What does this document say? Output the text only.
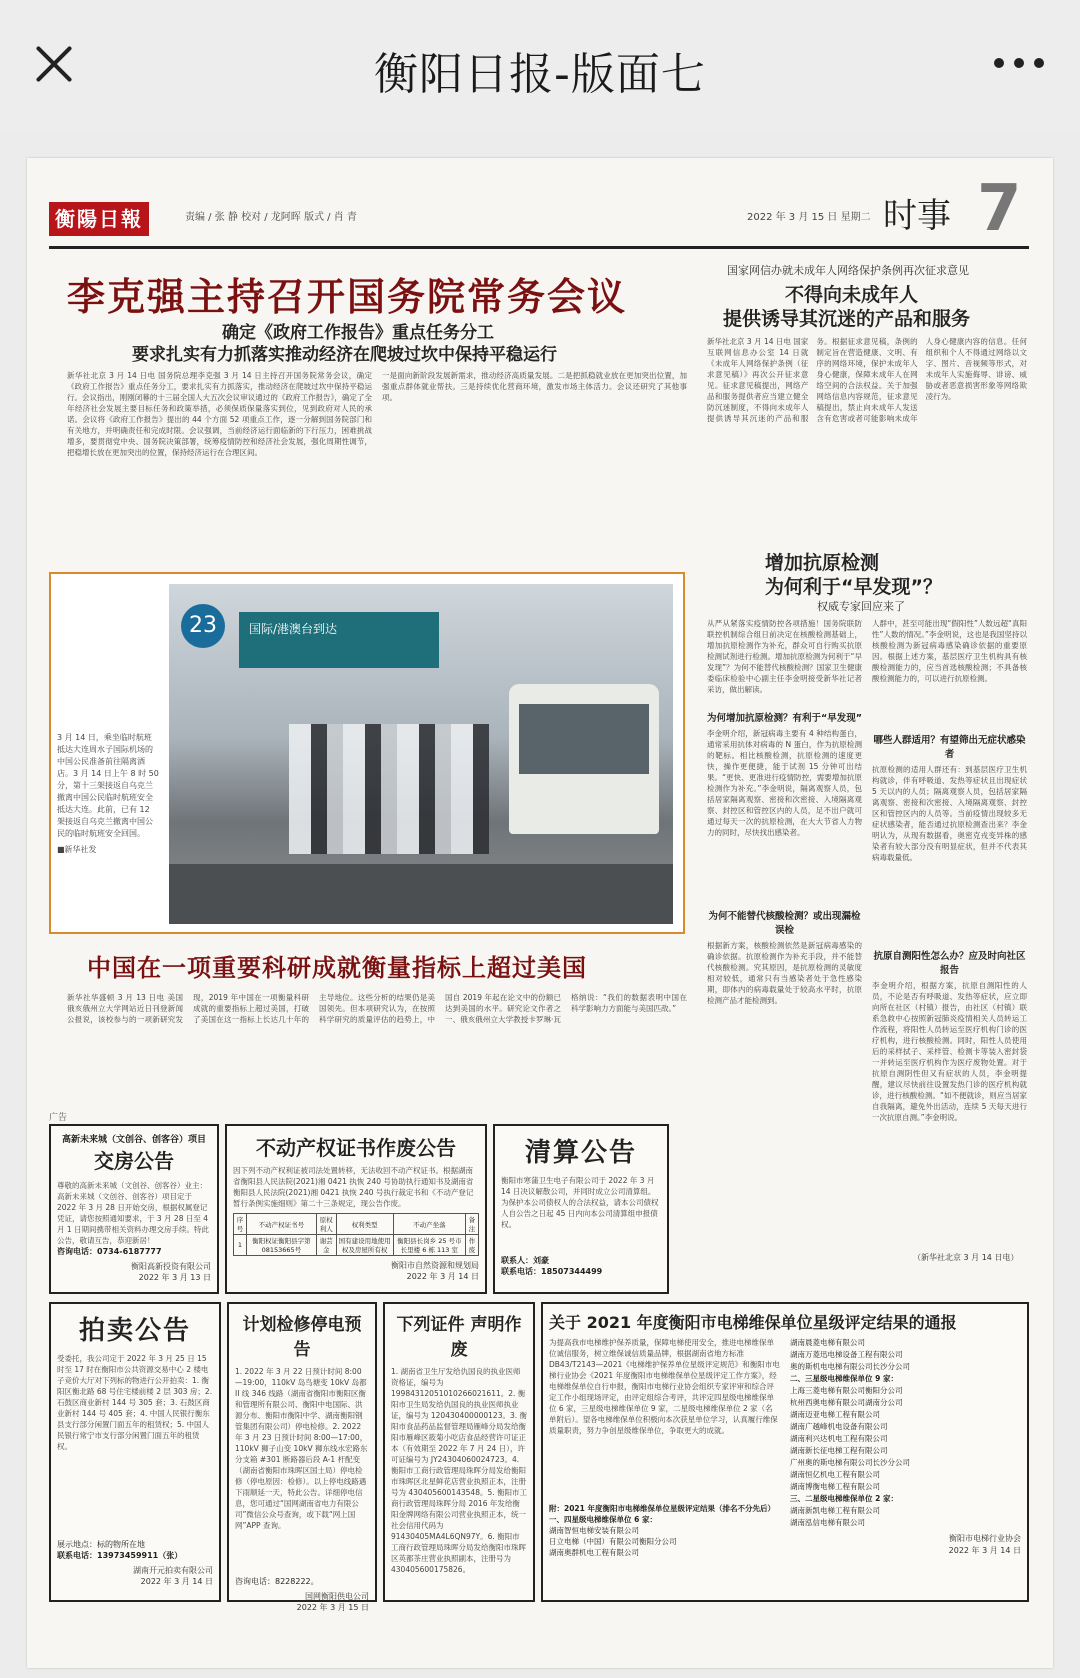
衡阳日报-版面七
衡陽日報	责编 / 张 静 校对 / 龙阿晖 版式 / 肖 青	2022 年 3 月 15 日 星期二 时事 7
李克强主持召开国务院常务会议
确定《政府工作报告》重点任务分工
要求扎实有力抓落实推动经济在爬坡过坎中保持平稳运行
新华社北京 3 月 14 日电 国务院总理李克强 3 月 14 日主持召开国务院常务会议，确定《政府工作报告》重点任务分工，要求扎实有力抓落实，推动经济在爬坡过坎中保持平稳运行。会议指出，刚刚闭幕的十三届全国人大五次会议审议通过的《政府工作报告》，确定了全年经济社会发展主要目标任务和政策举措，必须保质保量落实到位，见到政府对人民的承诺。会议将《政府工作报告》提出的 44 个方面 52 项重点工作，逐一分解到国务院部门和有关地方，并明确责任和完成时限。会议强调，当前经济运行面临新的下行压力，困难挑战增多，要贯彻党中央、国务院决策部署，统筹疫情防控和经济社会发展，强化周期性调节，把稳增长放在更加突出的位置，保持经济运行在合理区间。
一是面向新阶段发展新需求，推动经济高质量发展。二是把抓稳就业放在更加突出位置，加强重点群体就业帮扶。三是持续优化营商环境，激发市场主体活力。会议还研究了其他事项。
23	国际/港澳台到达
3 月 14 日，乘坐临时航班抵达大连周水子国际机场的中国公民准备前往隔离酒店。3 月 14 日上午 8 时 50 分，第十三架接返自乌克兰撤离中国公民临时航班安全抵达大连。此前，已有 12 架接返自乌克兰撤离中国公民的临时航班安全回国。
■新华社发
中国在一项重要科研成就衡量指标上超过美国
新华社华盛顿 3 月 13 日电 美国俄亥俄州立大学网站近日刊登新闻公报说，该校参与的一项新研究发现，2019 年中国在一项衡量科研成就的重要指标上超过美国，打破了美国在这一指标上长达几十年的主导地位。这些分析的结果仍是美国领先。但本项研究认为，在按照科学研究的质量评估的趋势上，中国自 2019 年起在论文中的份额已达到美国的水平。研究论文作者之一、俄亥俄州立大学教授卡罗琳·瓦格纳说：“我们的数据表明中国在科学影响力方面能与美国匹敌。”
国家网信办就未成年人网络保护条例再次征求意见
不得向未成年人
提供诱导其沉迷的产品和服务
新华社北京 3 月 14 日电 国家互联网信息办公室 14 日就《未成年人网络保护条例（征求意见稿）》再次公开征求意见。征求意见稿提出，网络产品和服务提供者应当建立健全防沉迷制度，不得向未成年人提供诱导其沉迷的产品和服务。根据征求意见稿，条例的制定旨在营造健康、文明、有序的网络环境，保护未成年人身心健康，保障未成年人在网络空间的合法权益。关于加强网络信息内容规范，征求意见稿提出，禁止向未成年人发送含有危害或者可能影响未成年人身心健康内容的信息。任何组织和个人不得通过网络以文字、图片、音视频等形式，对未成年人实施侮辱、诽谤、威胁或者恶意损害形象等网络欺凌行为。
增加抗原检测
为何利于“早发现”？
权威专家回应来了
从严从紧落实疫情防控各项措施！国务院联防联控机制综合组日前决定在核酸检测基础上，增加抗原检测作为补充，群众可自行购买抗原检测试剂进行检测。增加抗原检测为何利于“早发现”？为何不能替代核酸检测？国家卫生健康委临床检验中心副主任李金明接受新华社记者采访，做出解读。
为何增加抗原检测？有利于“早发现”
李金明介绍，新冠病毒主要有 4 种结构蛋白，通常采用抗体对病毒的 N 蛋白，作为抗原检测的靶标。相比核酸检测，抗原检测的速度更快，操作更便捷，能于试剂 15 分钟可出结果。“更快、更准进行疫情防控，需要增加抗原检测作为补充。”李金明说，隔离观察人员，包括居家隔离观察、密接和次密接、入境隔离观察、封控区和管控区内的人员，足不出户就可通过每天一次的抗原检测，在大大节省人力物力的同时，尽快找出感染者。
为何不能替代核酸检测？或出现漏检误检
根据新方案，核酸检测依然是新冠病毒感染的确诊依据。抗原检测作为补充手段，并不能替代核酸检测。究其原因，是抗原检测的灵敏度相对较低，通常只有当感染者处于急性感染期，即体内的病毒载量处于较高水平时，抗原检测产品才能检测到。
人群中，甚至可能出现“假阳性”人数远超“真阳性”人数的情况。”李金明说，这也是我国坚持以核酸检测为新冠病毒感染确诊依据的重要原因。根据上述方案，基层医疗卫生机构具有核酸检测能力的，应当首选核酸检测；不具备核酸检测能力的，可以进行抗原检测。
哪些人群适用？有望筛出无症状感染者
抗原检测的适用人群还有：到基层医疗卫生机构就诊，伴有呼吸道、发热等症状且出现症状 5 天以内的人员；隔离观察人员，包括居家隔离观察、密接和次密接、入境隔离观察、封控区和管控区内的人员等。当前疫情出现较多无症状感染者，能否通过抗原检测查出来？李金明认为，从现有数据看，奥密克戎变异株的感染者有较大部分没有明显症状，但并不代表其病毒载量低。
抗原自测阳性怎么办？应及时向社区报告
李金明介绍，根据方案，抗原自测阳性的人员，不论是否有呼吸道、发热等症状，应立即向所在社区（村镇）报告，由社区（村镇）联系急救中心按照新冠肺炎疫情相关人员转运工作流程，将阳性人员转运至医疗机构门诊的医疗机构，进行核酸检测。同时，阳性人员使用后的采样拭子、采样管、检测卡等装入密封袋一并转运至医疗机构作为医疗废物处置。对于抗原自测阴性但又有症状的人员，李金明提醒，建议尽快前往设置发热门诊的医疗机构就诊，进行核酸检测。“如不便就诊，则应当居家自我隔离，避免外出活动，连续 5 天每天进行一次抗原自测。”李金明说。
（新华社北京 3 月 14 日电）
广告
高新未来城（文创谷、创客谷）项目
交房公告
尊敬的高新未来城（文创谷、创客谷）业主：高新未来城（文创谷、创客谷）项目定于 2022 年 3 月 28 日开始交房，根据权属登记凭证，请您按照通知要求，于 3 月 28 日至 4 月 1 日期间携带相关资料办理交房手续。特此公告，敬请互告，恭迎新居！
咨询电话：0734-6187777
衡阳高新投资有限公司
2022 年 3 月 13 日
不动产权证书作废公告
因下列不动产权利证被司法处置转移，无法收回不动产权证书。根据湖南省衡阳县人民法院(2021)湘 0421 执恢 240 号协助执行通知书及湖南省衡阳县人民法院(2021)湘 0421 执恢 240 号执行裁定书和《不动产登记暂行条例实施细则》第二十三条规定，现公告作废。
序号	不动产权证书号	原权利人	权利类型	不动产坐落	备注
1	衡阳权证衡阳县字第08153665号	谢芸金	国有建设用地使用权及房屋所有权	衡阳县长岗乡 25 号市长里楼 6 栋 113 室	作废
衡阳市自然资源和规划局
2022 年 3 月 14 日
清算公告
衡阳市寒蒲卫生电子有限公司于 2022 年 3 月 14 日决议解散公司，并同时成立公司清算组。为保护本公司债权人的合法权益，请本公司债权人自公告之日起 45 日内向本公司清算组申报债权。
联系人：刘豪
联系电话：18507344499
拍卖公告
受委托，我公司定于 2022 年 3 月 25 日 15 时至 17 时在衡阳市公共资源交易中心 2 楼电子竞价大厅对下列标的物进行公开拍卖：1. 衡阳区衡北路 68 号住宅楼前楼 2 层 303 房；2. 石鼓区商业新村 144 号 305 套；3. 石鼓区商业新村 144 号 405 套；4. 中国人民银行衡东县支行部分闲置门面五年的租赁权；5. 中国人民银行常宁市支行部分闲置门面五年的租赁权。
展示地点：标的物所在地
联系电话：13973459911（张）
湖南开元拍卖有限公司
2022 年 3 月 14 日
计划检修停电预告
1. 2022 年 3 月 22 日预计时间 8:00—19:00，110kV 岛鸟塘变 10kV 岛都 II 线 346 线路（湖南省衡阳市衡阳区衡和管理所有限公司、衡阳中电国际、洪源分布、衡阳市衡阳中学、湖南衡阳钢管集团有限公司）停电检修。2. 2022 年 3 月 23 日预计时间 8:00—17:00，110kV 狮子山变 10kV 狮东线水宏路东分支箱 #301 断路器后段 A-1 杆配变（湖南省衡阳市珠晖区国土局）停电检修（停电原因：检修）。以上停电线路遇下雨顺延一天，特此公告。详细停电信息，您可通过“国网湖南省电力有限公司”微信公众号查询，或下载“网上国网”APP 查询。
咨询电话：8228222。
国网衡阳供电公司
2022 年 3 月 15 日
下列证件 声明作废
1. 湖南省卫生厅发给仇国良的执业医师资格证，编号为 19984312051010266021611。2. 衡阳市卫生局发给仇国良的执业医师执业证，编号为 120430400000123。3. 衡阳市食品药品监督管理局雁峰分局发给衡阳市雁峰区筱菊小吃店食品经营许可证正本（有效期至 2022 年 7 月 24 日），许可证编号为 JY24304060024723。4. 衡阳市工商行政管理局珠晖分局发给衡阳市珠晖区北星鲜花店营业执照正本，注册号为 430405600143548。5. 衡阳市工商行政管理局珠晖分局 2016 年发给衡阳金牌网络有限公司营业执照正本，统一社会信用代码为 91430405MA4L6QN97Y。6. 衡阳市工商行政管理局珠晖分局发给衡阳市珠晖区英都茶庄营业执照副本，注册号为 430405600175826。
关于 2021 年度衡阳市电梯维保单位星级评定结果的通报
为提高我市电梯维护保养质量，保障电梯使用安全，推进电梯维保单位诚信服务，树立维保诚信质量品牌，根据湖南省地方标准 DB43/T2143—2021《电梯维护保养单位星级评定规范》和衡阳市电梯行业协会《2021 年度衡阳市电梯维保单位星级评定工作方案》，经电梯维保单位自行申报，衡阳市电梯行业协会组织专家评审和综合评定工作小组现场评定，由评定组综合考评，共评定四星级电梯维保单位 6 家，三星级电梯维保单位 9 家，二星级电梯维保单位 2 家（名单附后）。望各电梯维保单位积极向本次获星单位学习，认真履行维保质量职责，努力争创星级维保单位，争取更大的成就。
附：2021 年度衡阳市电梯维保单位星级评定结果（排名不分先后）
一、四星级电梯维保单位 6 家：
湖南智恒电梯安装有限公司
日立电梯（中国）有限公司衡阳分公司
湖南奥群机电工程有限公司
湖南晨菱电梯有限公司
湖南万菱迅电梯设备工程有限公司
奥的斯机电电梯有限公司长沙分公司
二、三星级电梯维保单位 9 家：
上海三菱电梯有限公司衡阳分公司
杭州西奥电梯有限公司湖南分公司
湖南迈亚电梯工程有限公司
湖南广越峰机电设备有限公司
湖南利兴达机电工程有限公司
湖南新长征电梯工程有限公司
广州奥的斯电梯有限公司长沙分公司
湖南恒亿机电工程有限公司
湖南博衡电梯工程有限公司
三、二星级电梯维保单位 2 家：
湖南新凯电梯工程有限公司
湖南泓信电梯有限公司
衡阳市电梯行业协会
2022 年 3 月 14 日
